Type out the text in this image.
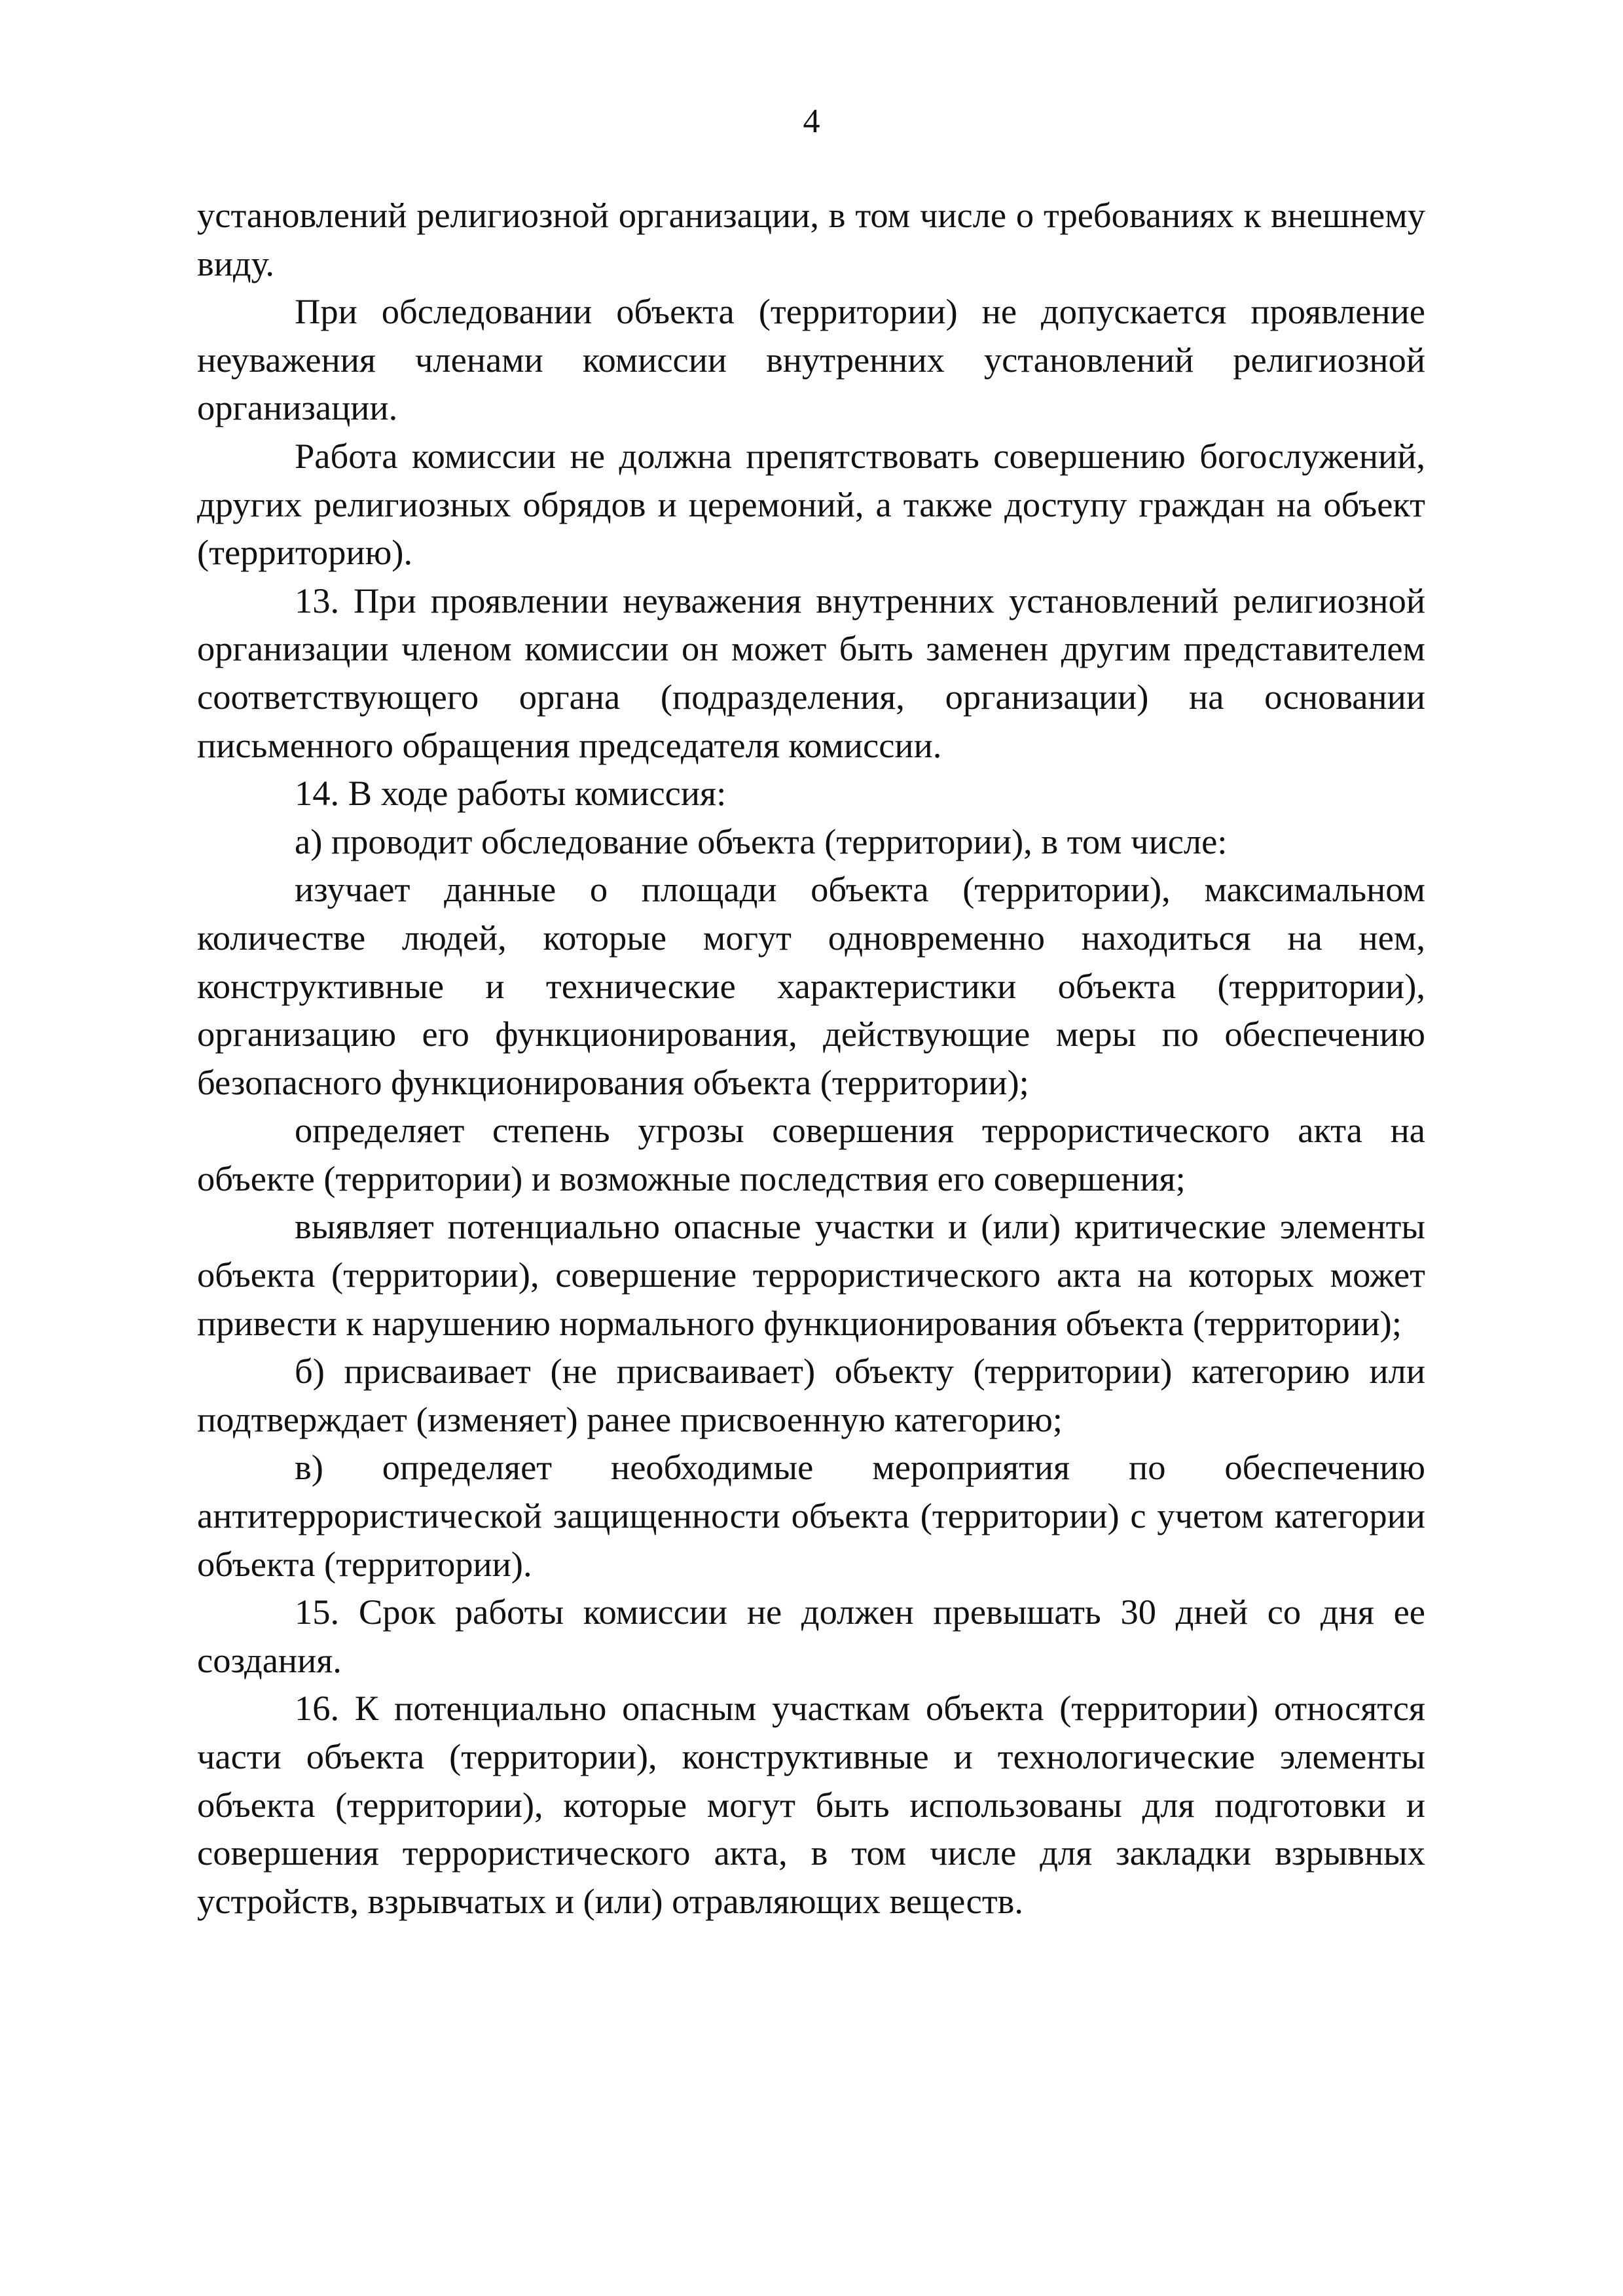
4

установлений религиозной организации, в том числе о требованиях к внешнему виду.

При обследовании объекта (территории) не допускается проявление неуважения членами комиссии внутренних установлений религиозной организации.

Работа комиссии не должна препятствовать совершению богослужений, других религиозных обрядов и церемоний, а также доступу граждан на объект (территорию).

13. При проявлении неуважения внутренних установлений религиозной организации членом комиссии он может быть заменен другим представителем соответствующего органа (подразделения, организации) на основании письменного обращения председателя комиссии.

14. В ходе работы комиссия:

а) проводит обследование объекта (территории), в том числе:

изучает данные о площади объекта (территории), максимальном количестве людей, которые могут одновременно находиться на нем, конструктивные и технические характеристики объекта (территории), организацию его функционирования, действующие меры по обеспечению безопасного функционирования объекта (территории);

определяет степень угрозы совершения террористического акта на объекте (территории) и возможные последствия его совершения;

выявляет потенциально опасные участки и (или) критические элементы объекта (территории), совершение террористического акта на которых может привести к нарушению нормального функционирования объекта (территории);

б) присваивает (не присваивает) объекту (территории) категорию или подтверждает (изменяет) ранее присвоенную категорию;

в) определяет необходимые мероприятия по обеспечению антитеррористической защищенности объекта (территории) с учетом категории объекта (территории).

15. Срок работы комиссии не должен превышать 30 дней со дня ее создания.

16. К потенциально опасным участкам объекта (территории) относятся части объекта (территории), конструктивные и технологические элементы объекта (территории), которые могут быть использованы для подготовки и совершения террористического акта, в том числе для закладки взрывных устройств, взрывчатых и (или) отравляющих веществ.
